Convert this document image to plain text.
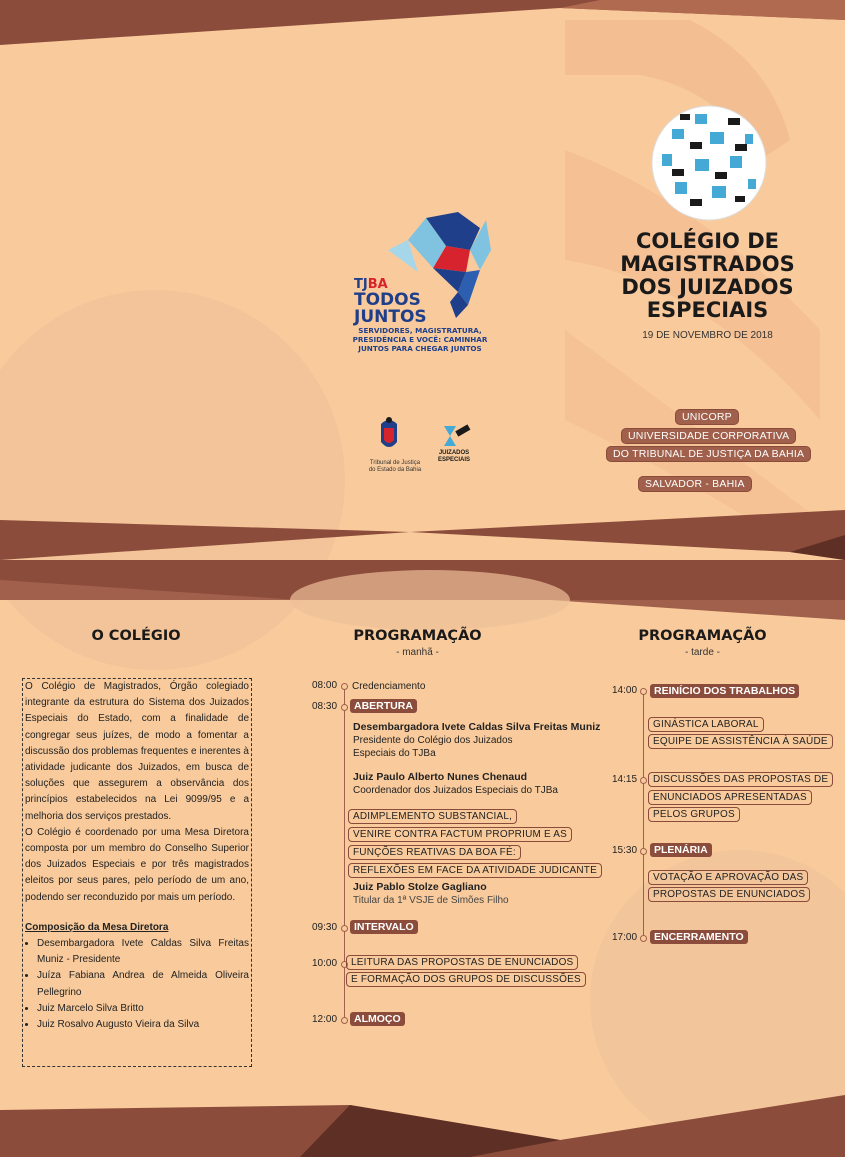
COLÉGIO DE
MAGISTRADOS
DOS JUIZADOS
ESPECIAIS
19 DE NOVEMBRO DE 2018
UNICORP
UNIVERSIDADE CORPORATIVA
DO TRIBUNAL DE JUSTIÇA DA BAHIA
SALVADOR - BAHIA
TJBA
TODOS
JUNTOS
SERVIDORES, MAGISTRATURA,
PRESIDÊNCIA E VOCÊ: CAMINHAR
JUNTOS PARA CHEGAR JUNTOS
Tribunal de Justiça
do Estado da Bahia
JUIZADOS
ESPECIAIS
O COLÉGIO

O Colégio de Magistrados, Órgão colegiado integrante da estrutura do Sistema dos Juizados Especiais do Estado, com a finalidade de congregar seus juízes, de modo a fomentar a discussão dos problemas frequentes e inerentes à atividade judicante dos Juizados, em busca de soluções que assegurem a observância dos princípios estabelecidos na Lei 9099/95 e a melhoria dos serviços prestados.

O Colégio é coordenado por uma Mesa Diretora composta por um membro do Conselho Superior dos Juizados Especiais e por três magistrados eleitos por seus pares, pelo período de um ano, podendo ser reconduzido por mais um período.

Composição da Mesa Diretora

• Desembargadora Ivete Caldas Silva Freitas Muniz - Presidente
• Juíza Fabiana Andrea de Almeida Oliveira Pellegrino
• Juiz Marcelo Silva Britto
• Juiz Rosalvo Augusto Vieira da Silva
PROGRAMAÇÃO
- manhã -
08:00 Credenciamento
08:30	ABERTURA
Desembargadora Ivete Caldas Silva Freitas Muniz
Presidente do Colégio dos Juizados
Especiais do TJBa
Juiz Paulo Alberto Nunes Chenaud
Coordenador dos Juizados Especiais do TJBa
ADIMPLEMENTO SUBSTANCIAL,
VENIRE CONTRA FACTUM PROPRIUM E AS
FUNÇÕES REATIVAS DA BOA FÉ:
REFLEXÕES EM FACE DA ATIVIDADE JUDICANTE
Juiz Pablo Stolze Gagliano
Titular da 1ª VSJE de Simões Filho
09:30	INTERVALO
10:00	LEITURA DAS PROPOSTAS DE ENUNCIADOS
E FORMAÇÃO DOS GRUPOS DE DISCUSSÕES
12:00	ALMOÇO
PROGRAMAÇÃO
- tarde -
14:00	REINÍCIO DOS TRABALHOS
GINÁSTICA LABORAL
EQUIPE DE ASSISTÊNCIA À SAÚDE
14:15	DISCUSSÕES DAS PROPOSTAS DE
ENUNCIADOS APRESENTADAS
PELOS GRUPOS
15:30	PLENÁRIA
VOTAÇÃO E APROVAÇÃO DAS
PROPOSTAS DE ENUNCIADOS
17:00	ENCERRAMENTO
